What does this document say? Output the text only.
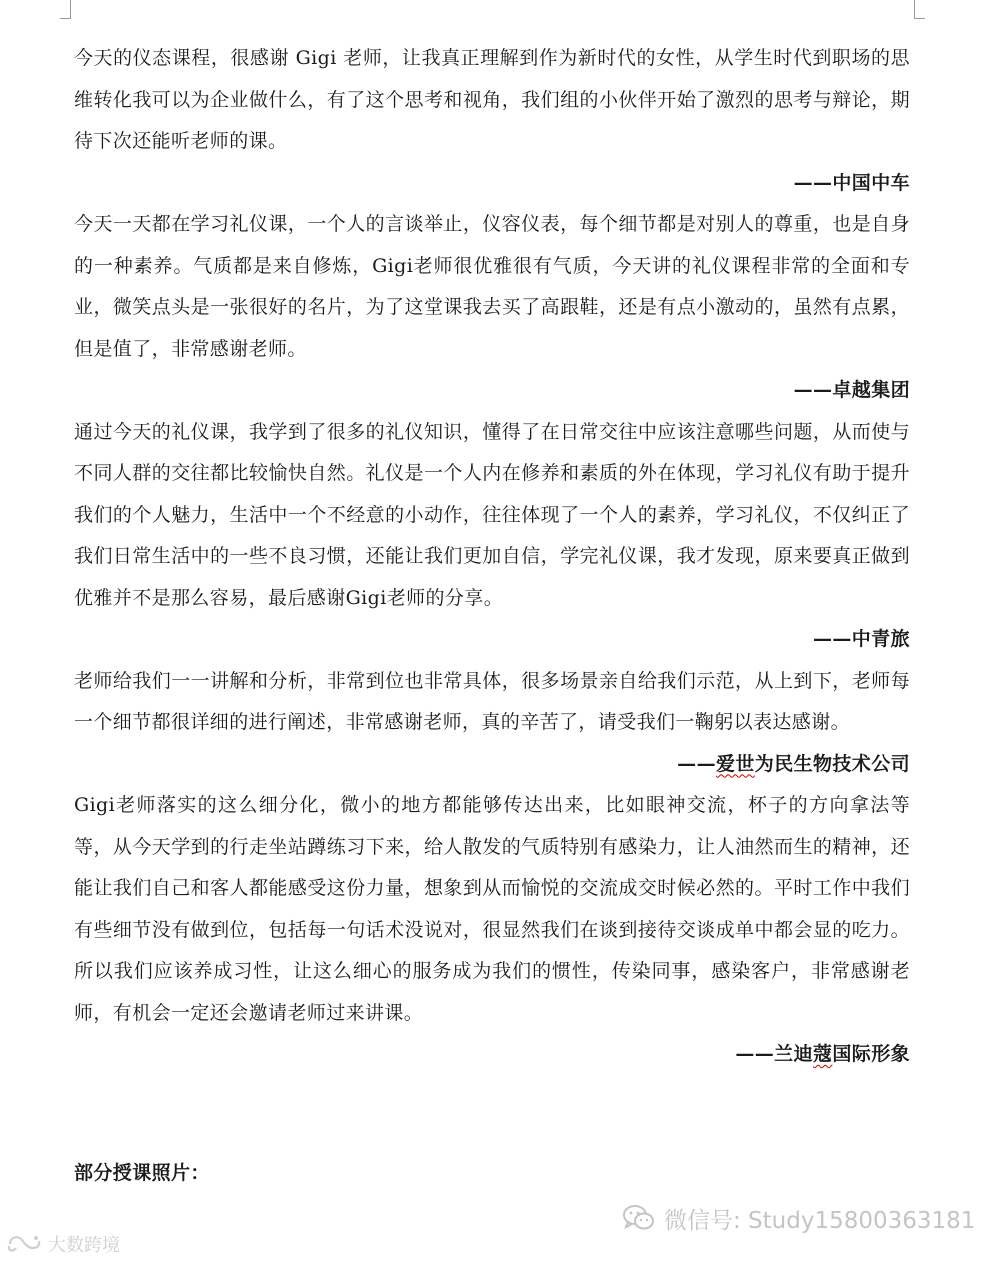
今天的仪态课程，很感谢 Gigi 老师，让我真正理解到作为新时代的女性，从学生时代到职场的思维转化我可以为企业做什么，有了这个思考和视角，我们组的小伙伴开始了激烈的思考与辩论，期待下次还能听老师的课。

——中国中车

今天一天都在学习礼仪课，一个人的言谈举止，仪容仪表，每个细节都是对别人的尊重，也是自身的一种素养。气质都是来自修炼，Gigi老师很优雅很有气质，今天讲的礼仪课程非常的全面和专业，微笑点头是一张很好的名片，为了这堂课我去买了高跟鞋，还是有点小激动的，虽然有点累，但是值了，非常感谢老师。

——卓越集团

通过今天的礼仪课，我学到了很多的礼仪知识，懂得了在日常交往中应该注意哪些问题，从而使与不同人群的交往都比较愉快自然。礼仪是一个人内在修养和素质的外在体现，学习礼仪有助于提升我们的个人魅力，生活中一个不经意的小动作，往往体现了一个人的素养，学习礼仪，不仅纠正了我们日常生活中的一些不良习惯，还能让我们更加自信，学完礼仪课，我才发现，原来要真正做到优雅并不是那么容易，最后感谢Gigi老师的分享。

——中青旅

老师给我们一一讲解和分析，非常到位也非常具体，很多场景亲自给我们示范，从上到下，老师每一个细节都很详细的进行阐述，非常感谢老师，真的辛苦了，请受我们一鞠躬以表达感谢。

——爱世为民生物技术公司

Gigi老师落实的这么细分化，微小的地方都能够传达出来，比如眼神交流，杯子的方向拿法等等，从今天学到的行走坐站蹲练习下来，给人散发的气质特别有感染力，让人油然而生的精神，还能让我们自己和客人都能感受这份力量，想象到从而愉悦的交流成交时候必然的。平时工作中我们有些细节没有做到位，包括每一句话术没说对，很显然我们在谈到接待交谈成单中都会显的吃力。所以我们应该养成习性，让这么细心的服务成为我们的惯性，传染同事，感染客户，非常感谢老师，有机会一定还会邀请老师过来讲课。

——兰迪蔻国际形象

部分授课照片：

微信号: Study15800363181
大数跨境
